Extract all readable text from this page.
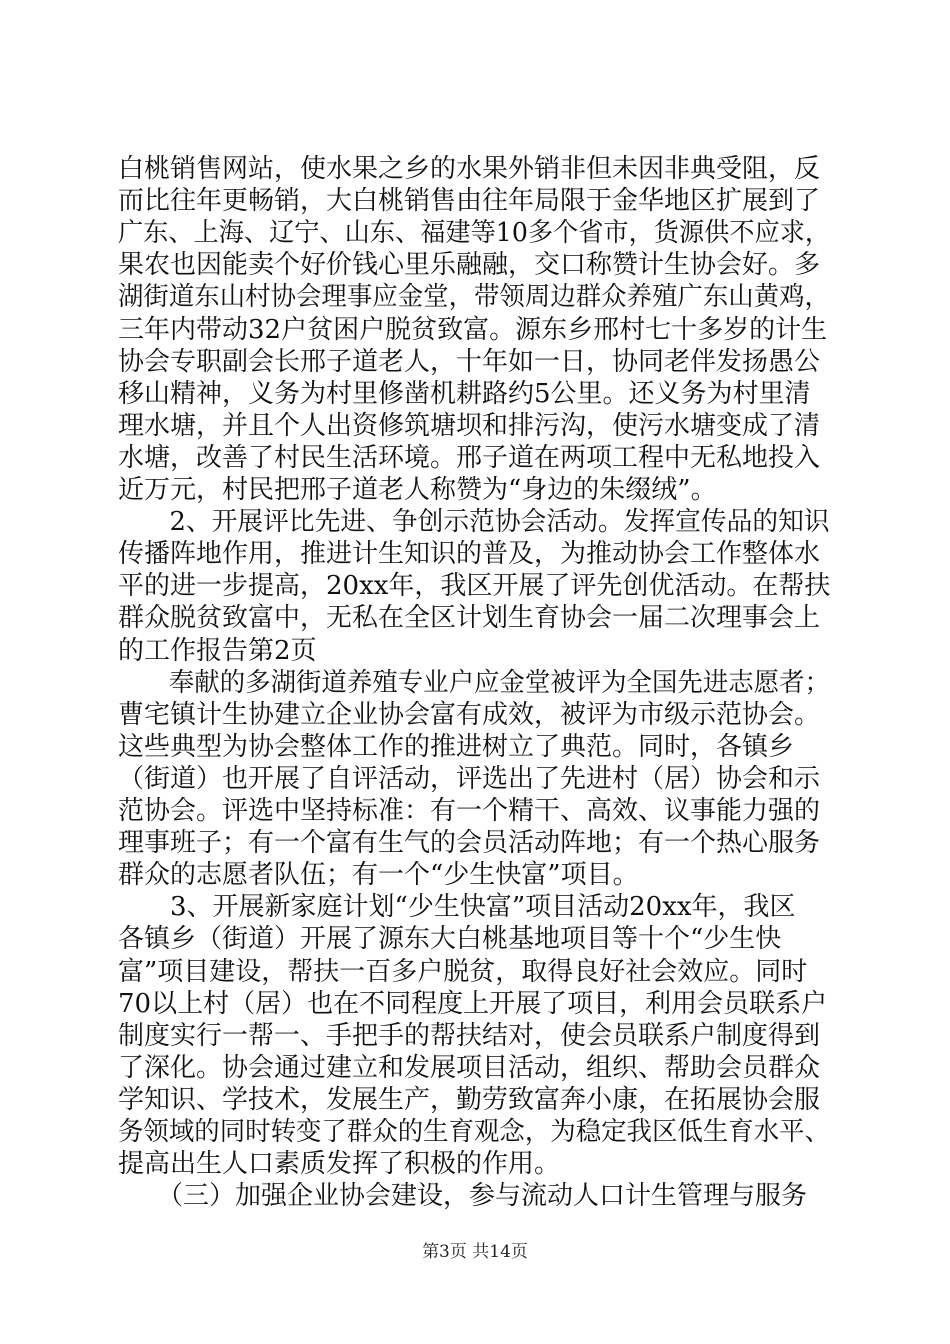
白桃销售网站，使水果之乡的水果外销非但未因非典受阻，反
而比往年更畅销，大白桃销售由往年局限于金华地区扩展到了
广东、上海、辽宁、山东、福建等10多个省市，货源供不应求，
果农也因能卖个好价钱心里乐融融，交口称赞计生协会好。多
湖街道东山村协会理事应金堂，带领周边群众养殖广东山黄鸡，
三年内带动32户贫困户脱贫致富。源东乡邢村七十多岁的计生
协会专职副会长邢子道老人，十年如一日，协同老伴发扬愚公
移山精神，义务为村里修凿机耕路约5公里。还义务为村里清
理水塘，并且个人出资修筑塘坝和排污沟，使污水塘变成了清
水塘，改善了村民生活环境。邢子道在两项工程中无私地投入
近万元，村民把邢子道老人称赞为“身边的朱缀绒”。
　　2、开展评比先进、争创示范协会活动。发挥宣传品的知识
传播阵地作用，推进计生知识的普及，为推动协会工作整体水
平的进一步提高，20xx年，我区开展了评先创优活动。在帮扶
群众脱贫致富中，无私在全区计划生育协会一届二次理事会上
的工作报告第2页
　　奉献的多湖街道养殖专业户应金堂被评为全国先进志愿者；
曹宅镇计生协建立企业协会富有成效，被评为市级示范协会。
这些典型为协会整体工作的推进树立了典范。同时，各镇乡
（街道）也开展了自评活动，评选出了先进村（居）协会和示
范协会。评选中坚持标准：有一个精干、高效、议事能力强的
理事班子；有一个富有生气的会员活动阵地；有一个热心服务
群众的志愿者队伍；有一个“少生快富”项目。
　　3、开展新家庭计划“少生快富”项目活动20xx年，我区
各镇乡（街道）开展了源东大白桃基地项目等十个“少生快
富”项目建设，帮扶一百多户脱贫，取得良好社会效应。同时
70以上村（居）也在不同程度上开展了项目，利用会员联系户
制度实行一帮一、手把手的帮扶结对，使会员联系户制度得到
了深化。协会通过建立和发展项目活动，组织、帮助会员群众
学知识、学技术，发展生产，勤劳致富奔小康，在拓展协会服
务领域的同时转变了群众的生育观念，为稳定我区低生育水平、
提高出生人口素质发挥了积极的作用。
　　（三）加强企业协会建设，参与流动人口计生管理与服务
第3页 共14页
